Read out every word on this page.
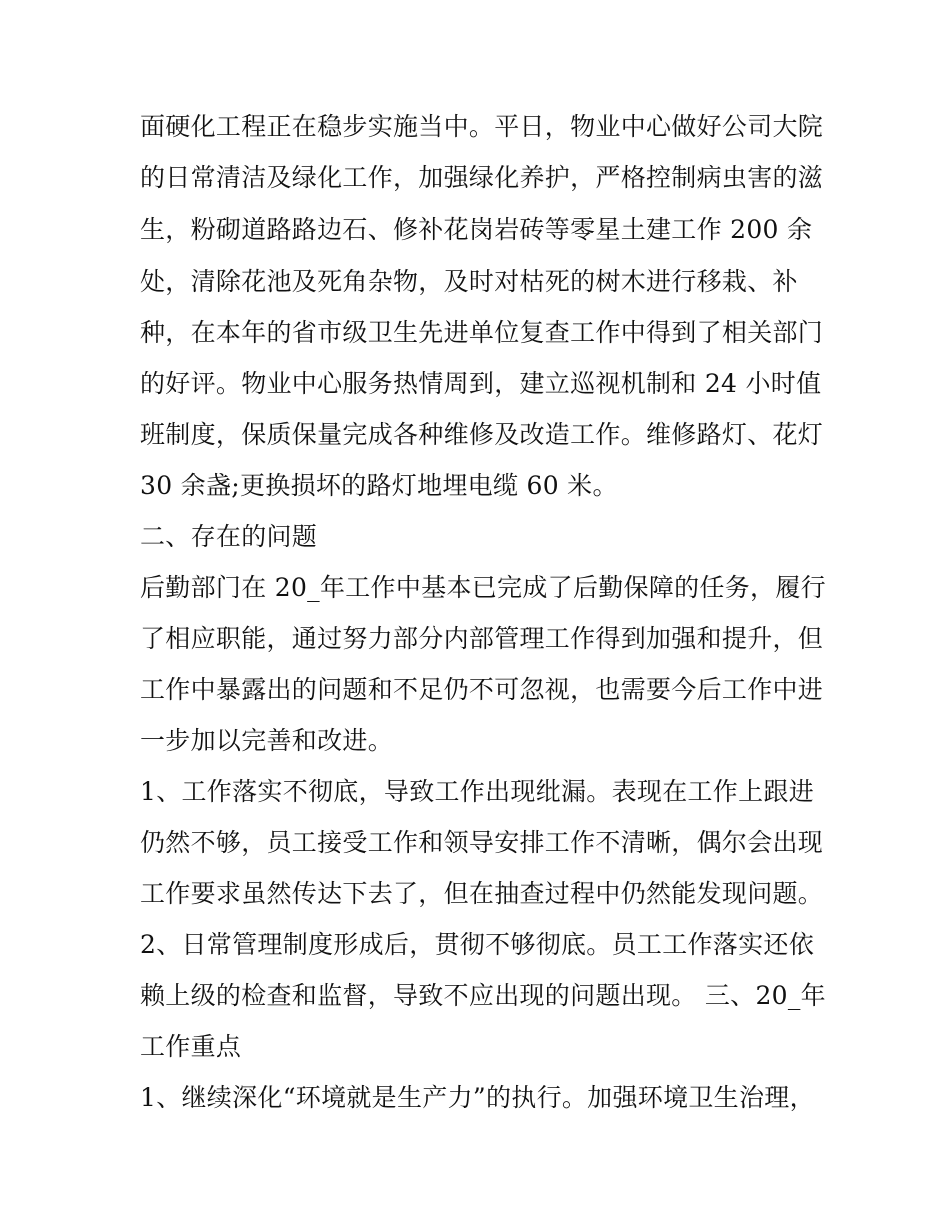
面硬化工程正在稳步实施当中。平日，物业中心做好公司大院
的日常清洁及绿化工作，加强绿化养护，严格控制病虫害的滋
生，粉砌道路路边石、修补花岗岩砖等零星土建工作 200 余
处，清除花池及死角杂物，及时对枯死的树木进行移栽、补
种，在本年的省市级卫生先进单位复查工作中得到了相关部门
的好评。物业中心服务热情周到，建立巡视机制和 24 小时值
班制度，保质保量完成各种维修及改造工作。维修路灯、花灯
30 余盏;更换损坏的路灯地埋电缆 60 米。
二、存在的问题
后勤部门在 20_年工作中基本已完成了后勤保障的任务，履行
了相应职能，通过努力部分内部管理工作得到加强和提升，但
工作中暴露出的问题和不足仍不可忽视，也需要今后工作中进
一步加以完善和改进。
1、工作落实不彻底，导致工作出现纰漏。表现在工作上跟进
仍然不够，员工接受工作和领导安排工作不清晰，偶尔会出现
工作要求虽然传达下去了，但在抽查过程中仍然能发现问题。
2、日常管理制度形成后，贯彻不够彻底。员工工作落实还依
赖上级的检查和监督，导致不应出现的问题出现。 三、20_年
工作重点
1、继续深化“环境就是生产力”的执行。加强环境卫生治理，
